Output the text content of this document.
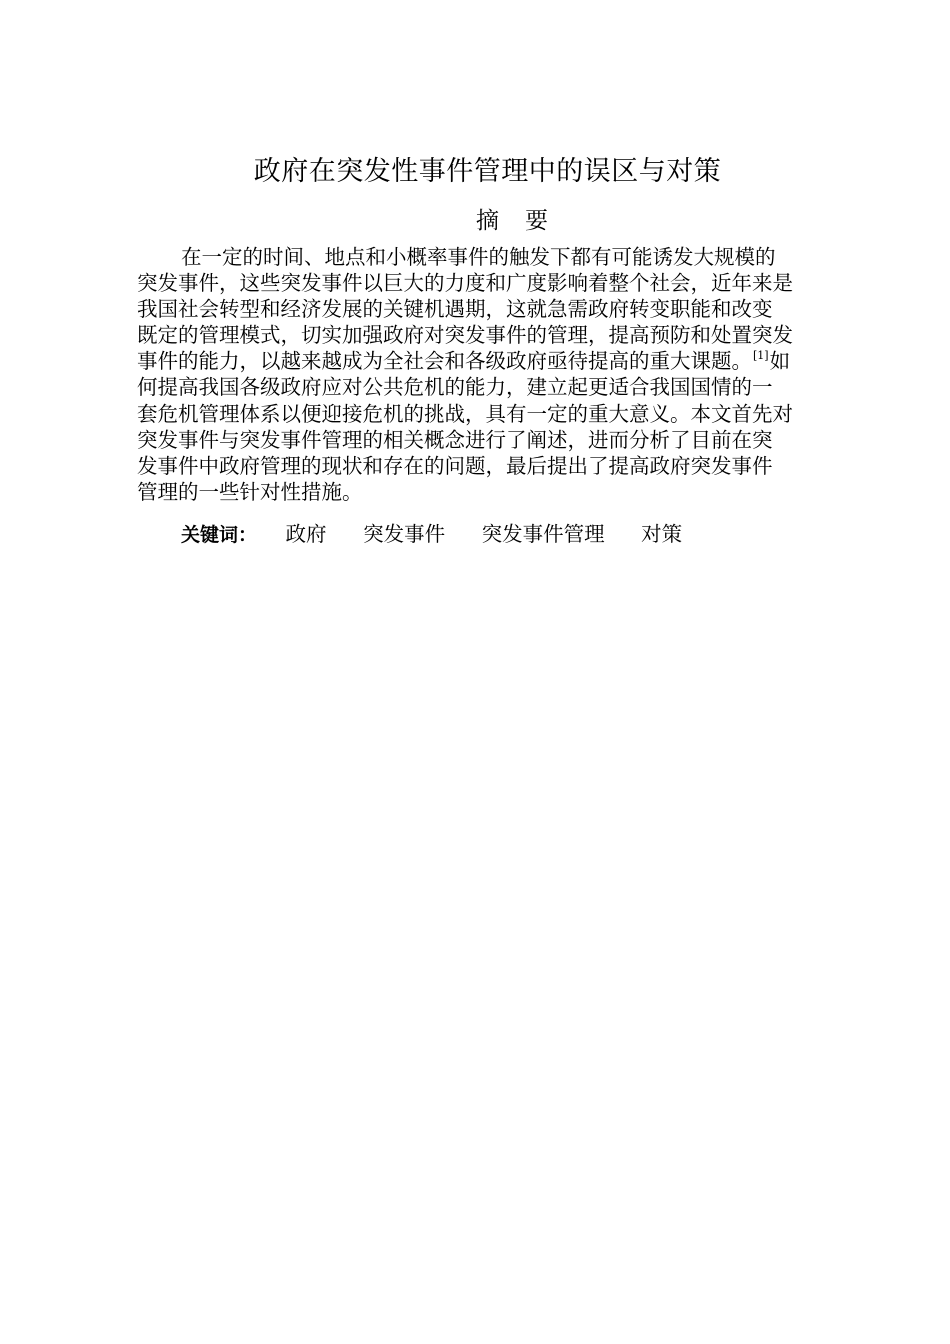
政府在突发性事件管理中的误区与对策
摘 要
在一定的时间、地点和小概率事件的触发下都有可能诱发大规模的
突发事件，这些突发事件以巨大的力度和广度影响着整个社会，近年来是
我国社会转型和经济发展的关键机遇期，这就急需政府转变职能和改变
既定的管理模式，切实加强政府对突发事件的管理，提高预防和处置突发
事件的能力，以越来越成为全社会和各级政府亟待提高的重大课题。[1]如
何提高我国各级政府应对公共危机的能力，建立起更适合我国国情的一
套危机管理体系以便迎接危机的挑战，具有一定的重大意义。本文首先对
突发事件与突发事件管理的相关概念进行了阐述，进而分析了目前在突
发事件中政府管理的现状和存在的问题，最后提出了提高政府突发事件
管理的一些针对性措施。
关键词： 政府 突发事件 突发事件管理 对策
